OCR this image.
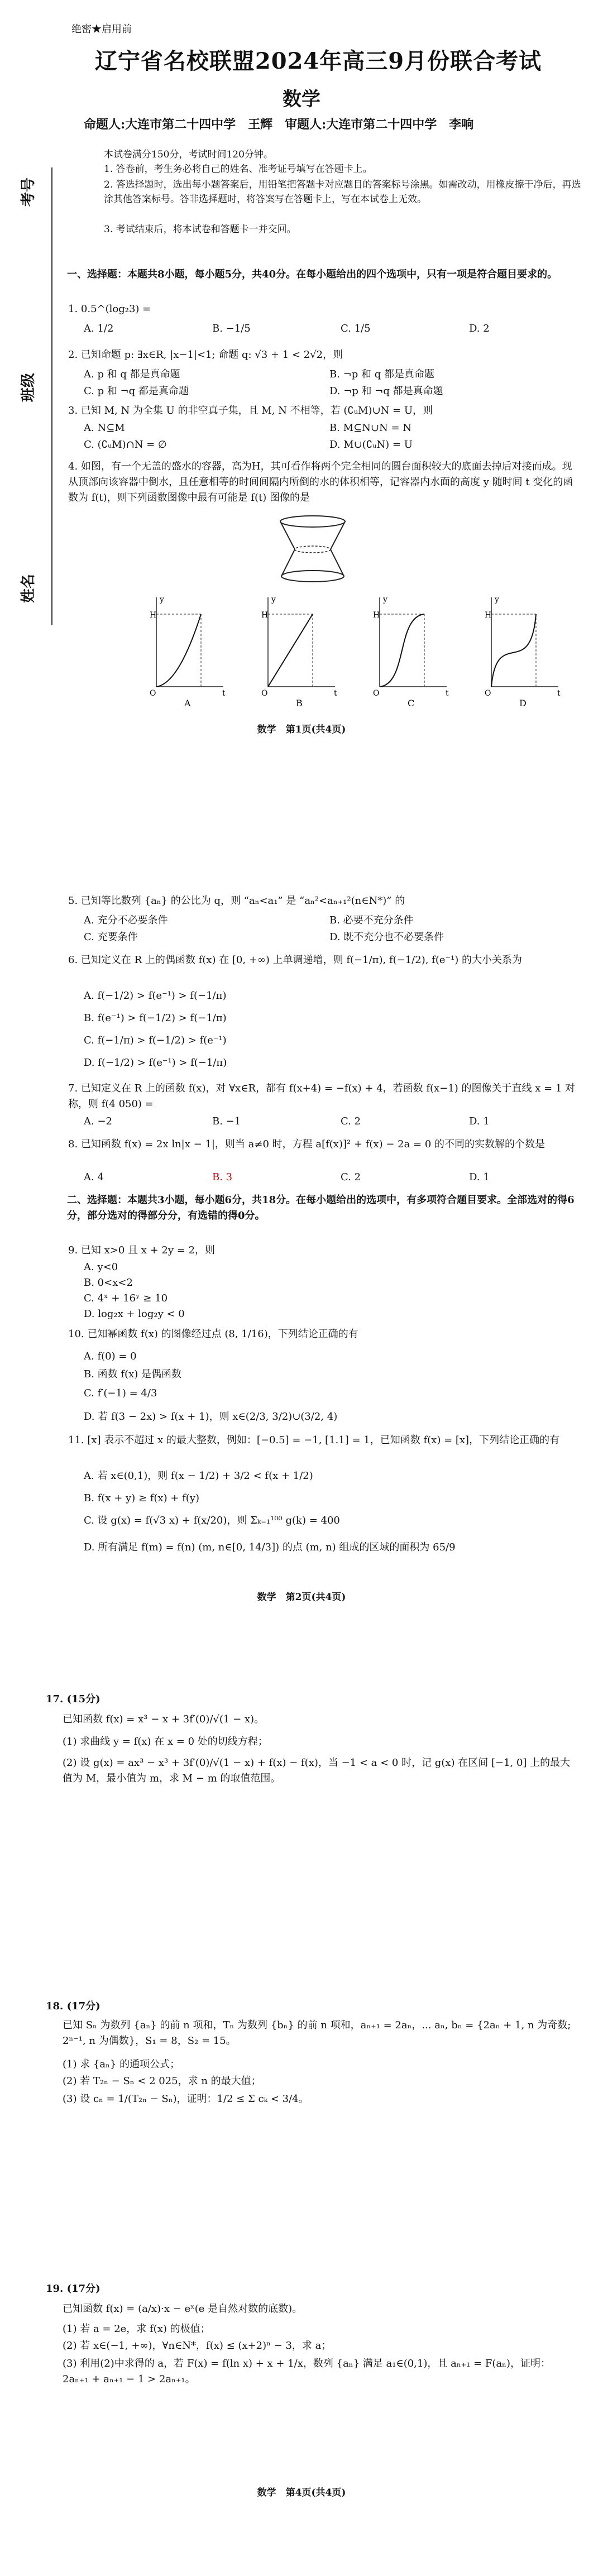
绝密★启用前
辽宁省名校联盟2024年高三9月份联合考试
数学
命题人:大连市第二十四中学　王辉　审题人:大连市第二十四中学　李响
本试卷满分150分，考试时间120分钟。
1. 答卷前，考生务必将自己的姓名、准考证号填写在答题卡上。
2. 答选择题时，选出每小题答案后，用铅笔把答题卡对应题目的答案标号涂黑。如需改动，用橡皮擦干净后，再选涂其他答案标号。答非选择题时，将答案写在答题卡上，写在本试卷上无效。
3. 考试结束后，将本试卷和答题卡一并交回。
考号
班级
姓名
一、选择题：本题共8小题，每小题5分，共40分。在每小题给出的四个选项中，只有一项是符合题目要求的。
1. 0.5^(log₂3) =
A. 1/2	B. −1/5	C. 1/5	D. 2
2. 已知命题 p: ∃x∈R, |x−1|<1; 命题 q: √3 + 1 < 2√2，则
A. p 和 q 都是真命题	B. ¬p 和 q 都是真命题
C. p 和 ¬q 都是真命题	D. ¬p 和 ¬q 都是真命题
3. 已知 M, N 为全集 U 的非空真子集，且 M, N 不相等，若 (∁ᵤM)∪N = U，则
A. N⊆M	B. M⊆N∪N = N
C. (∁ᵤM)∩N = ∅	D. M∪(∁ᵤN) = U
4. 如图，有一个无盖的盛水的容器，高为H，其可看作将两个完全相同的圆台面积较大的底面去掉后对接而成。现从顶部向该容器中倒水，且任意相等的时间间隔内所倒的水的体积相等，记容器内水面的高度 y 随时间 t 变化的函数为 f(t)，则下列函数图像中最有可能是 f(t) 图像的是
H
y
t
O
A
H
y
t
O
B
H
y
t
O
C
H
y
t
O
D
数学　第1页(共4页)
5. 已知等比数列 {aₙ} 的公比为 q，则 “aₙ<a₁” 是 “aₙ²<aₙ₊₁²(n∈N*)” 的
A. 充分不必要条件	B. 必要不充分条件
C. 充要条件	D. 既不充分也不必要条件
6. 已知定义在 R 上的偶函数 f(x) 在 [0, +∞) 上单调递增，则 f(−1/π), f(−1/2), f(e⁻¹) 的大小关系为
A. f(−1/2) > f(e⁻¹) > f(−1/π)
B. f(e⁻¹) > f(−1/2) > f(−1/π)
C. f(−1/π) > f(−1/2) > f(e⁻¹)
D. f(−1/2) > f(e⁻¹) > f(−1/π)
7. 已知定义在 R 上的函数 f(x)，对 ∀x∈R，都有 f(x+4) = −f(x) + 4，若函数 f(x−1) 的图像关于直线 x = 1 对称，则 f(4 050) =
A. −2	B. −1	C. 2	D. 1
8. 已知函数 f(x) = 2x ln|x − 1|，则当 a≠0 时，方程 a[f(x)]² + f(x) − 2a = 0 的不同的实数解的个数是
A. 4	B. 3	C. 2	D. 1
二、选择题：本题共3小题，每小题6分，共18分。在每小题给出的选项中，有多项符合题目要求。全部选对的得6分，部分选对的得部分分，有选错的得0分。
9. 已知 x>0 且 x + 2y = 2，则
A. y<0
B. 0<x<2
C. 4ˣ + 16ʸ ≥ 10
D. log₂x + log₂y < 0
10. 已知幂函数 f(x) 的图像经过点 (8, 1/16)，下列结论正确的有
A. f(0) = 0
B. 函数 f(x) 是偶函数
C. f′(−1) = 4/3
D. 若 f(3 − 2x) > f(x + 1)，则 x∈(2/3, 3/2)∪(3/2, 4)
11. [x] 表示不超过 x 的最大整数，例如：[−0.5] = −1, [1.1] = 1，已知函数 f(x) = [x]，下列结论正确的有
A. 若 x∈(0,1)，则 f(x − 1/2) + 3/2 < f(x + 1/2)
B. f(x + y) ≥ f(x) + f(y)
C. 设 g(x) = f(√3 x) + f(x/20)，则 Σₖ₌₁¹⁰⁰ g(k) = 400
D. 所有满足 f(m) = f(n) (m, n∈[0, 14/3]) 的点 (m, n) 组成的区域的面积为 65/9
数学　第2页(共4页)
17. (15分)
已知函数 f(x) = x³ − x + 3f′(0)/√(1 − x)。
(1) 求曲线 y = f(x) 在 x = 0 处的切线方程；
(2) 设 g(x) = ax³ − x³ + 3f′(0)/√(1 − x) + f(x) − f(x)，当 −1 < a < 0 时，记 g(x) 在区间 [−1, 0] 上的最大值为 M，最小值为 m，求 M − m 的取值范围。
18. (17分)
已知 Sₙ 为数列 {aₙ} 的前 n 项和，Tₙ 为数列 {bₙ} 的前 n 项和，aₙ₊₁ = 2aₙ，... aₙ, bₙ = {2aₙ + 1, n 为奇数; 2ⁿ⁻¹, n 为偶数}，S₁ = 8，S₂ = 15。
(1) 求 {aₙ} 的通项公式；
(2) 若 T₂ₙ − Sₙ < 2 025，求 n 的最大值；
(3) 设 cₙ = 1/(T₂ₙ − Sₙ)，证明：1/2 ≤ Σ cₖ < 3/4。
19. (17分)
已知函数 f(x) = (a/x)·x − eˣ(e 是自然对数的底数)。
(1) 若 a = 2e，求 f(x) 的极值；
(2) 若 x∈(−1, +∞)，∀n∈N*，f(x) ≤ (x+2)ⁿ − 3，求 a；
(3) 利用(2)中求得的 a，若 F(x) = f(ln x) + x + 1/x，数列 {aₙ} 满足 a₁∈(0,1)，且 aₙ₊₁ = F(aₙ)，证明：2aₙ₊₁ + aₙ₊₁ − 1 > 2aₙ₊₁。
数学　第4页(共4页)
